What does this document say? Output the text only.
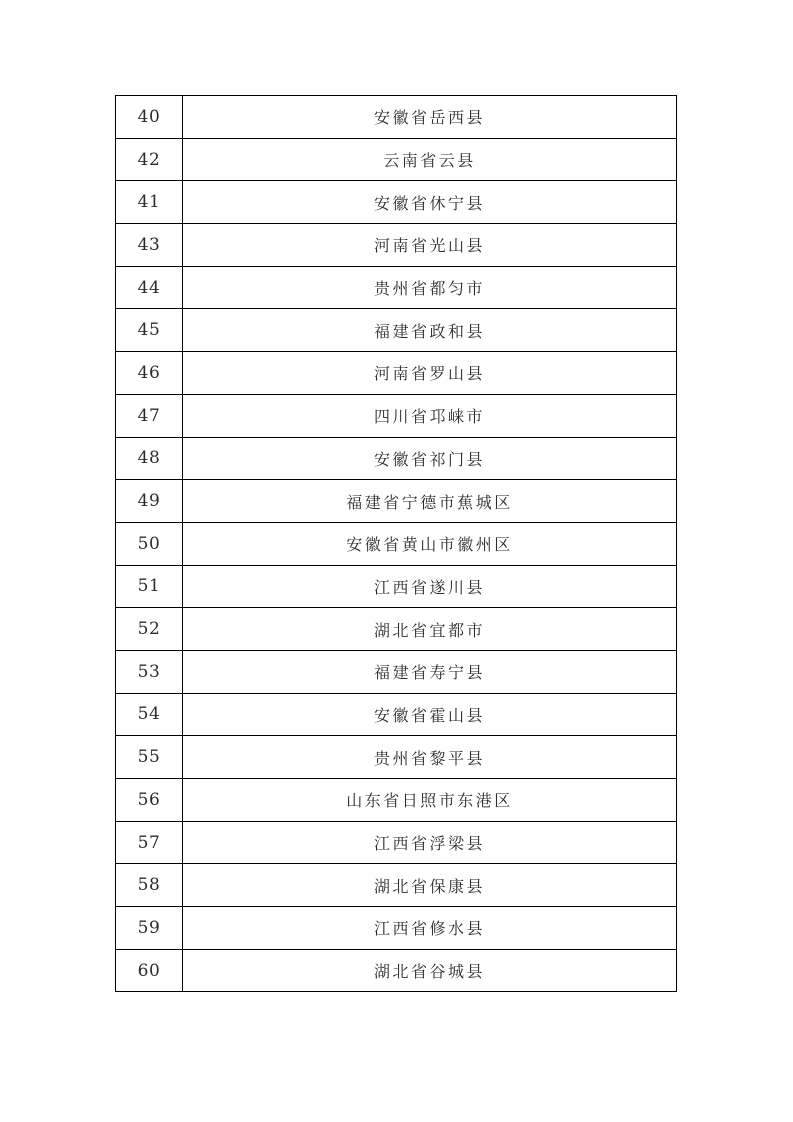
40	安徽省岳西县
42	云南省云县
41	安徽省休宁县
43	河南省光山县
44	贵州省都匀市
45	福建省政和县
46	河南省罗山县
47	四川省邛崃市
48	安徽省祁门县
49	福建省宁德市蕉城区
50	安徽省黄山市徽州区
51	江西省遂川县
52	湖北省宜都市
53	福建省寿宁县
54	安徽省霍山县
55	贵州省黎平县
56	山东省日照市东港区
57	江西省浮梁县
58	湖北省保康县
59	江西省修水县
60	湖北省谷城县
